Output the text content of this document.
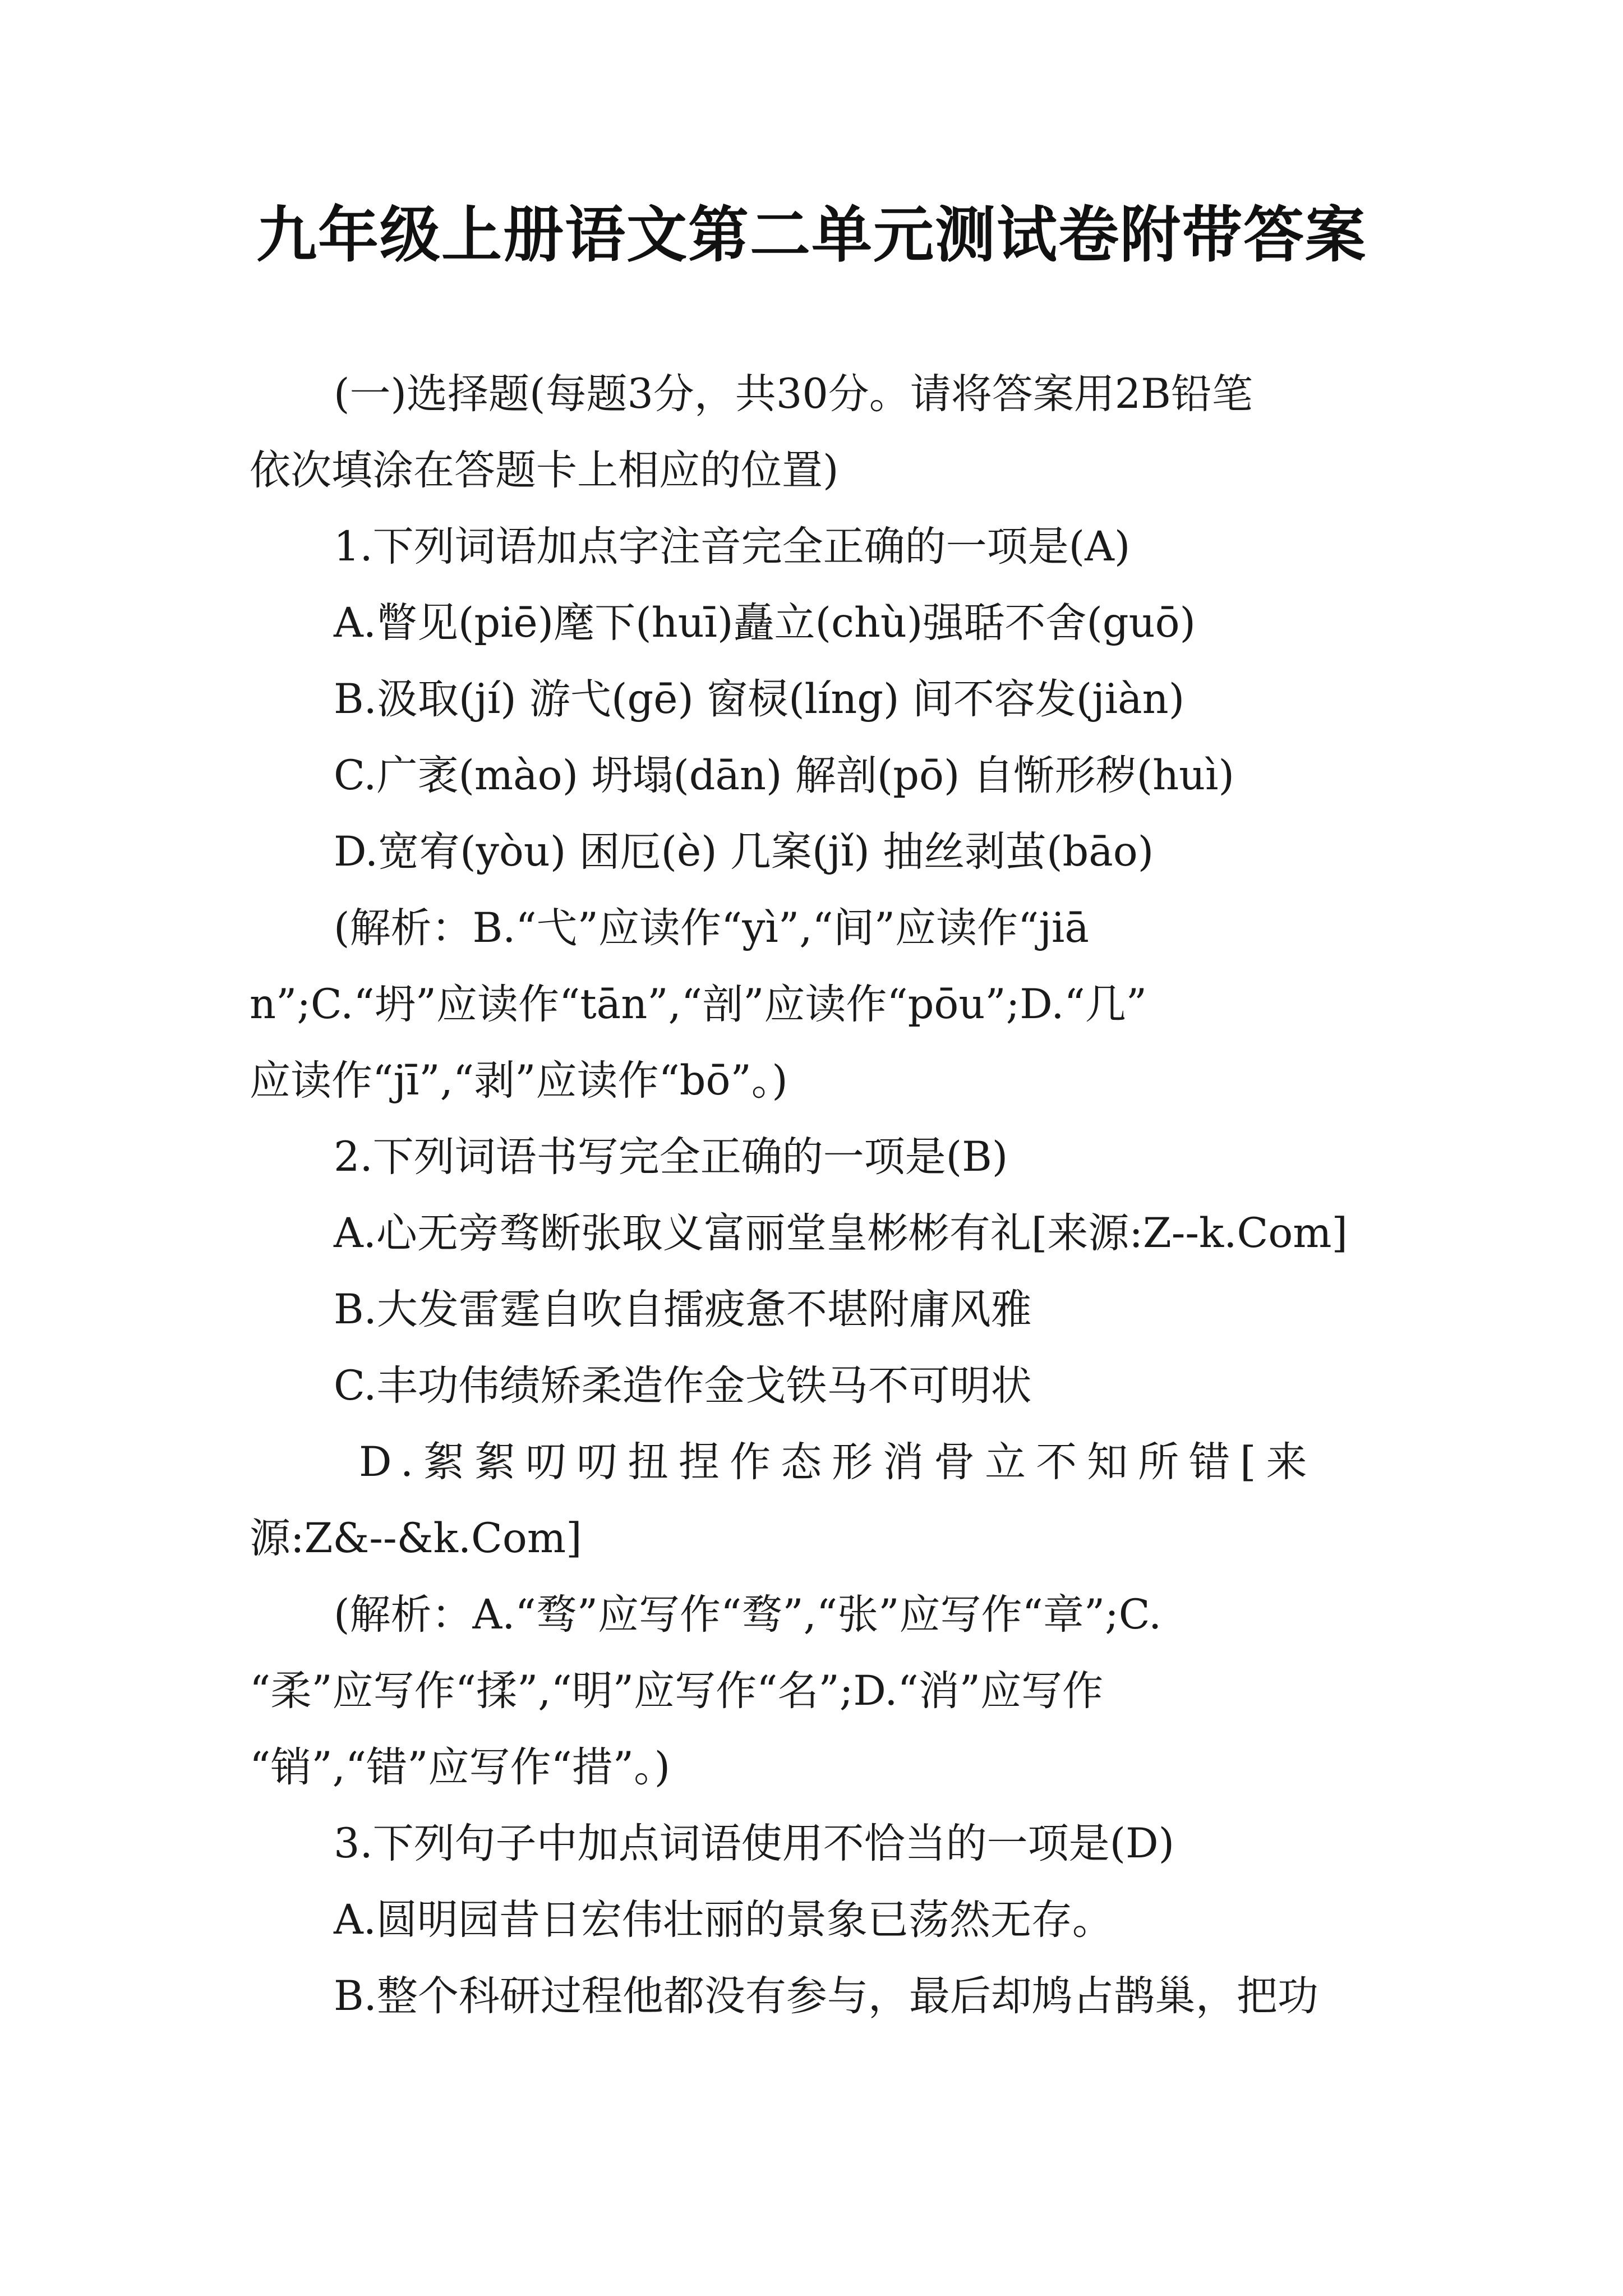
九年级上册语文第二单元测试卷附带答案
(一)选择题(每题3分，共30分。请将答案用2B铅笔
依次填涂在答题卡上相应的位置)
1.下列词语加点字注音完全正确的一项是(A)
A.瞥见(piē)麾下(huī)矗立(chù)强聒不舍(guō)
B.汲取(jí) 游弋(gē) 窗棂(líng) 间不容发(jiàn)
C.广袤(mào) 坍塌(dān) 解剖(pō) 自惭形秽(huì)
D.宽宥(yòu) 困厄(è) 几案(jǐ) 抽丝剥茧(bāo)
(解析：B.“弋”应读作“yì”,“间”应读作“jiā
n”;C.“坍”应读作“tān”,“剖”应读作“pōu”;D.“几”
应读作“jī”,“剥”应读作“bō”。)
2.下列词语书写完全正确的一项是(B)
A.心无旁骛断张取义富丽堂皇彬彬有礼[来源:Z--k.Com]
B.大发雷霆自吹自擂疲惫不堪附庸风雅
C.丰功伟绩矫柔造作金戈铁马不可明状
D.絮絮叨叨扭捏作态形消骨立不知所错[来
源:Z&--&k.Com]
(解析：A.“骛”应写作“骛”,“张”应写作“章”;C.
“柔”应写作“揉”,“明”应写作“名”;D.“消”应写作
“销”,“错”应写作“措”。)
3.下列句子中加点词语使用不恰当的一项是(D)
A.圆明园昔日宏伟壮丽的景象已荡然无存。
B.整个科研过程他都没有参与，最后却鸠占鹊巢，把功
